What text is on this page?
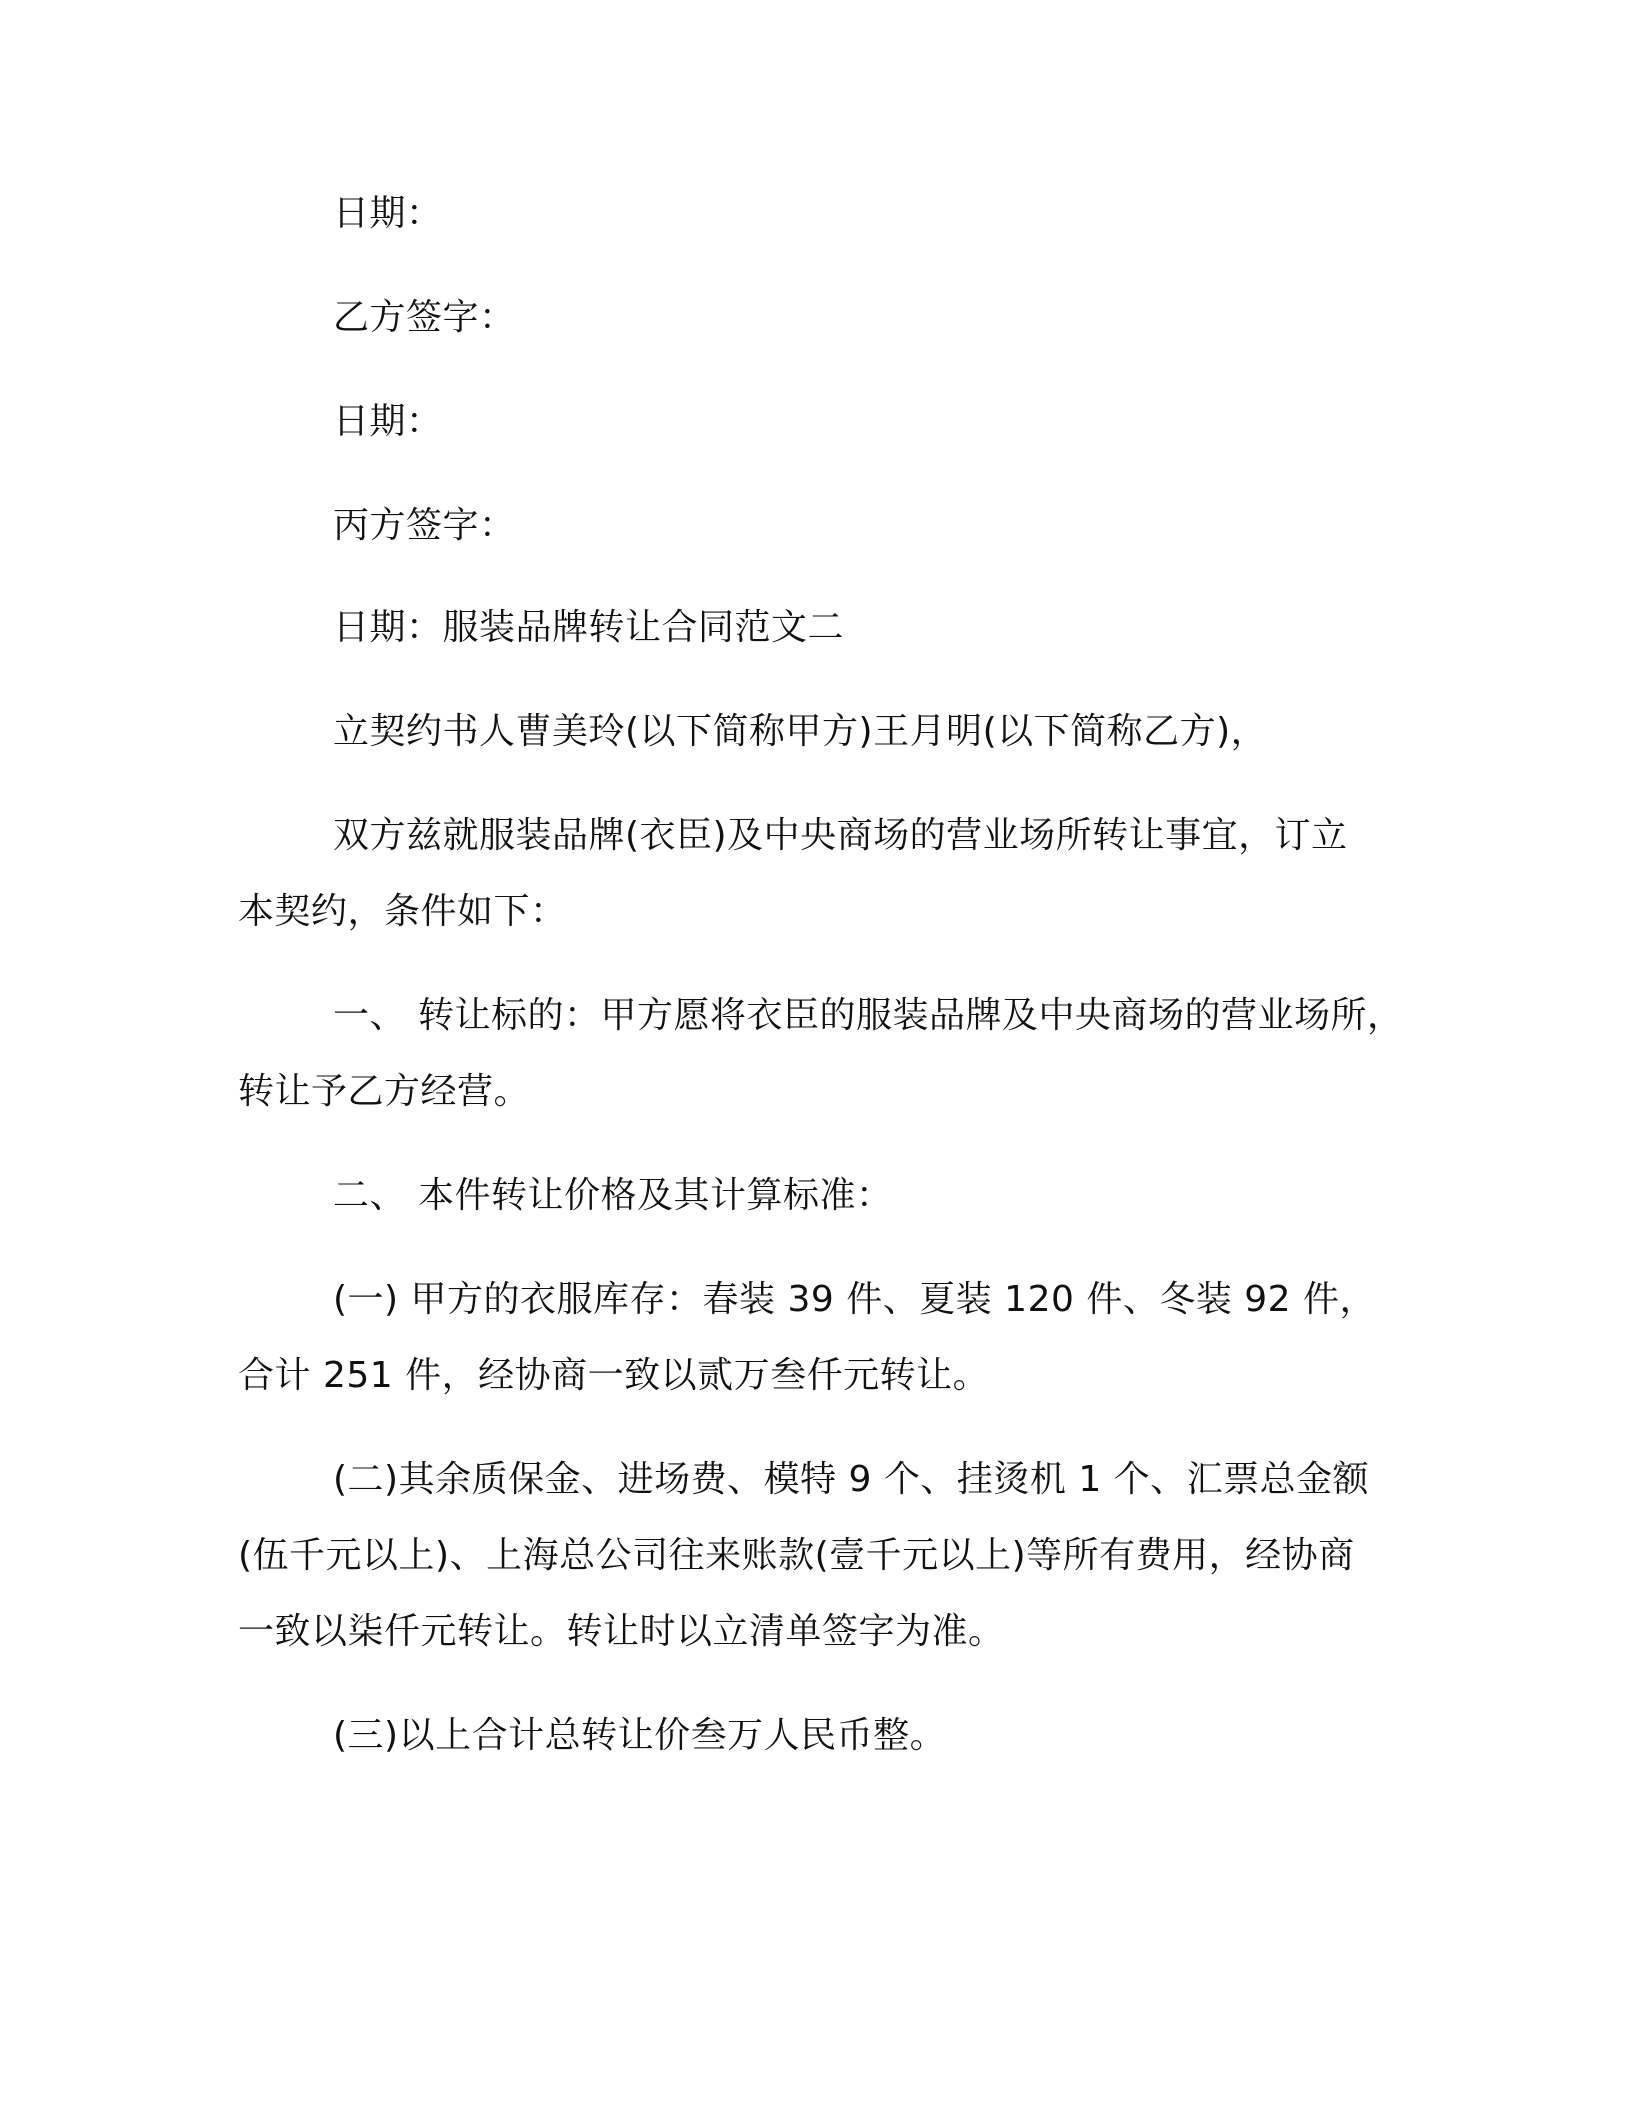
日期：
乙方签字：
日期：
丙方签字：
日期：服装品牌转让合同范文二
立契约书人曹美玲(以下简称甲方)王月明(以下简称乙方)，
双方兹就服装品牌(衣臣)及中央商场的营业场所转让事宜，订立
本契约，条件如下：
一、 转让标的：甲方愿将衣臣的服装品牌及中央商场的营业场所，
转让予乙方经营。
二、 本件转让价格及其计算标准：
(一) 甲方的衣服库存：春装 39 件、夏装 120 件、冬装 92 件，
合计 251 件，经协商一致以贰万叁仟元转让。
(二)其余质保金、进场费、模特 9 个、挂烫机 1 个、汇票总金额
(伍千元以上)、上海总公司往来账款(壹千元以上)等所有费用，经协商
一致以柒仟元转让。转让时以立清单签字为准。
(三)以上合计总转让价叁万人民币整。
